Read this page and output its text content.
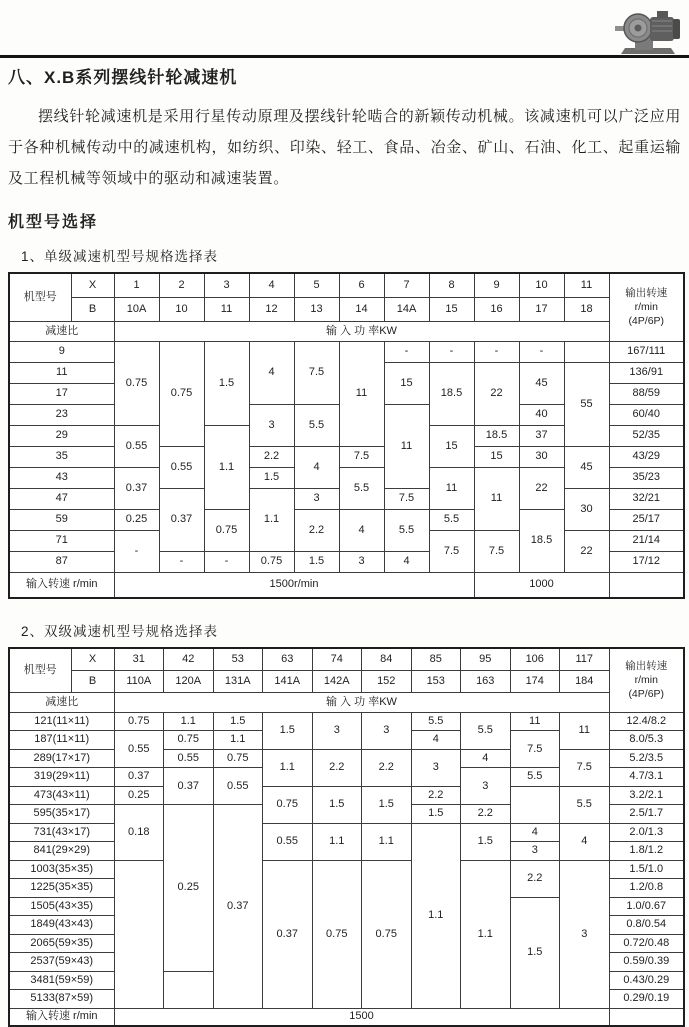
八、X.B系列摆线针轮减速机

摆线针轮减速机是采用行星传动原理及摆线针轮啮合的新颖传动机械。该减速机可以广泛应用于各种机械传动中的减速机构，如纺织、印染、轻工、食品、冶金、矿山、石油、化工、起重运输及工程机械等领域中的驱动和减速装置。

机型号选择
1、单级减速机型号规格选择表
机型号	X	1	2	3	4	5	6	7	8	9	10	11	输出转速
r/min
(4P/6P)
	B	10A	10	11	12	13	14	14A	15	16	17	18	
减速比		输 入 功 率KW											
9		0.75	0.75	1.5	4	7.5	11	-	-	-	-		167/111
11								15	18.5	22	45	55	136/91
17													88/59
23					3	5.5		11			40		60/40
29		0.55		1.1					15	18.5	37		52/35
35			0.55		2.2	4	7.5			15	30	45	43/29
43		0.37			1.5		5.5		11	11	22		35/23
47			0.37		1.1	3		7.5				30	32/21
59		0.25		0.75		2.2	4	5.5	5.5		18.5		25/17
71		-							7.5	7.5		22	21/14
87			-	-	0.75	1.5	3	4					17/12
输入转速 r/min		1500r/min								1000			
2、双级减速机型号规格选择表
机型号	X	31	42	53	63	74	84	85	95	106	117	输出转速
r/min
(4P/6P)
	B	110A	120A	131A	141A	142A	152	153	163	174	184	
减速比		输 入 功 率KW										
121(11×11)		0.75	1.1	1.5	1.5	3	3	5.5	5.5	11	11	12.4/8.2
187(11×11)		0.55	0.75	1.1				4		7.5		8.0/5.3
289(17×17)			0.55	0.75	1.1	2.2	2.2	3	4		7.5	5.2/3.5
319(29×11)		0.37	0.37	0.55					3	5.5		4.7/3.1
473(43×11)		0.25			0.75	1.5	1.5	2.2			5.5	3.2/2.1
595(35×17)		0.18	0.25	0.37				1.5	2.2			2.5/1.7
731(43×17)					0.55	1.1	1.1	1.1	1.5	4	4	2.0/1.3
841(29×29)										3		1.8/1.2
1003(35×35)					0.37	0.75	0.75		1.1	2.2	3	1.5/1.0
1225(35×35)												1.2/0.8
1505(43×35)										1.5		1.0/0.67
1849(43×43)												0.8/0.54
2065(59×35)												0.72/0.48
2537(59×43)												0.59/0.39
3481(59×59)												0.43/0.29
5133(87×59)												0.29/0.19
输入转速 r/min		1500										
